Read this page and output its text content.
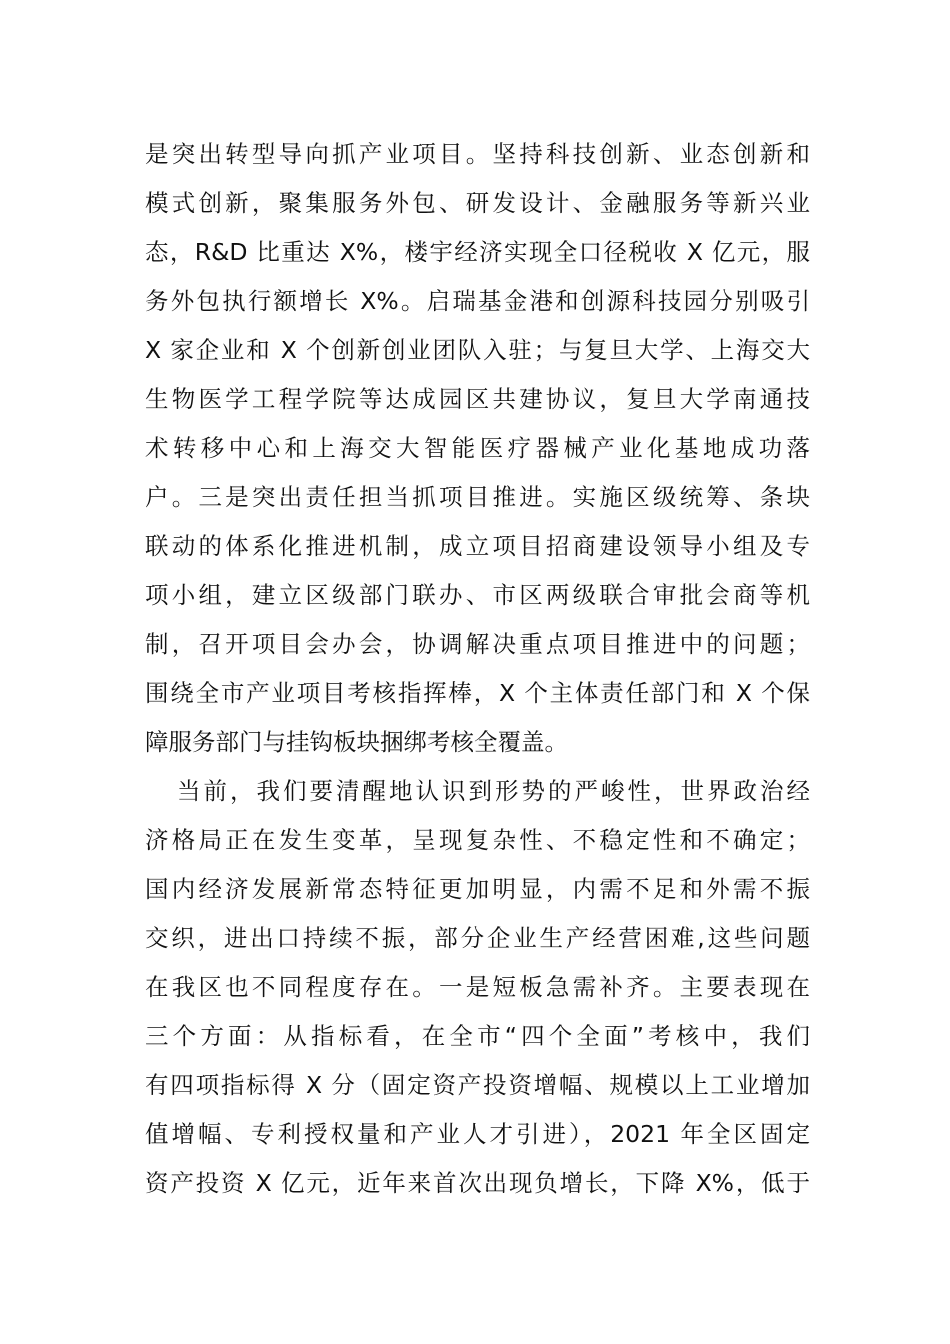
是突出转型导向抓产业项目。坚持科技创新、业态创新和
模式创新，聚集服务外包、研发设计、金融服务等新兴业
态，R&D 比重达 X%，楼宇经济实现全口径税收 X 亿元，服
务外包执行额增长 X%。启瑞基金港和创源科技园分别吸引
X 家企业和 X 个创新创业团队入驻；与复旦大学、上海交大
生物医学工程学院等达成园区共建协议，复旦大学南通技
术转移中心和上海交大智能医疗器械产业化基地成功落
户。三是突出责任担当抓项目推进。实施区级统筹、条块
联动的体系化推进机制，成立项目招商建设领导小组及专
项小组，建立区级部门联办、市区两级联合审批会商等机
制，召开项目会办会，协调解决重点项目推进中的问题；
围绕全市产业项目考核指挥棒，X 个主体责任部门和 X 个保
障服务部门与挂钩板块捆绑考核全覆盖。
当前，我们要清醒地认识到形势的严峻性，世界政治经
济格局正在发生变革，呈现复杂性、不稳定性和不确定；
国内经济发展新常态特征更加明显，内需不足和外需不振
交织，进出口持续不振，部分企业生产经营困难,这些问题
在我区也不同程度存在。一是短板急需补齐。主要表现在
三个方面：从指标看，在全市“四个全面”考核中，我们
有四项指标得 X 分（固定资产投资增幅、规模以上工业增加
值增幅、专利授权量和产业人才引进），2021 年全区固定
资产投资 X 亿元，近年来首次出现负增长，下降 X%，低于
